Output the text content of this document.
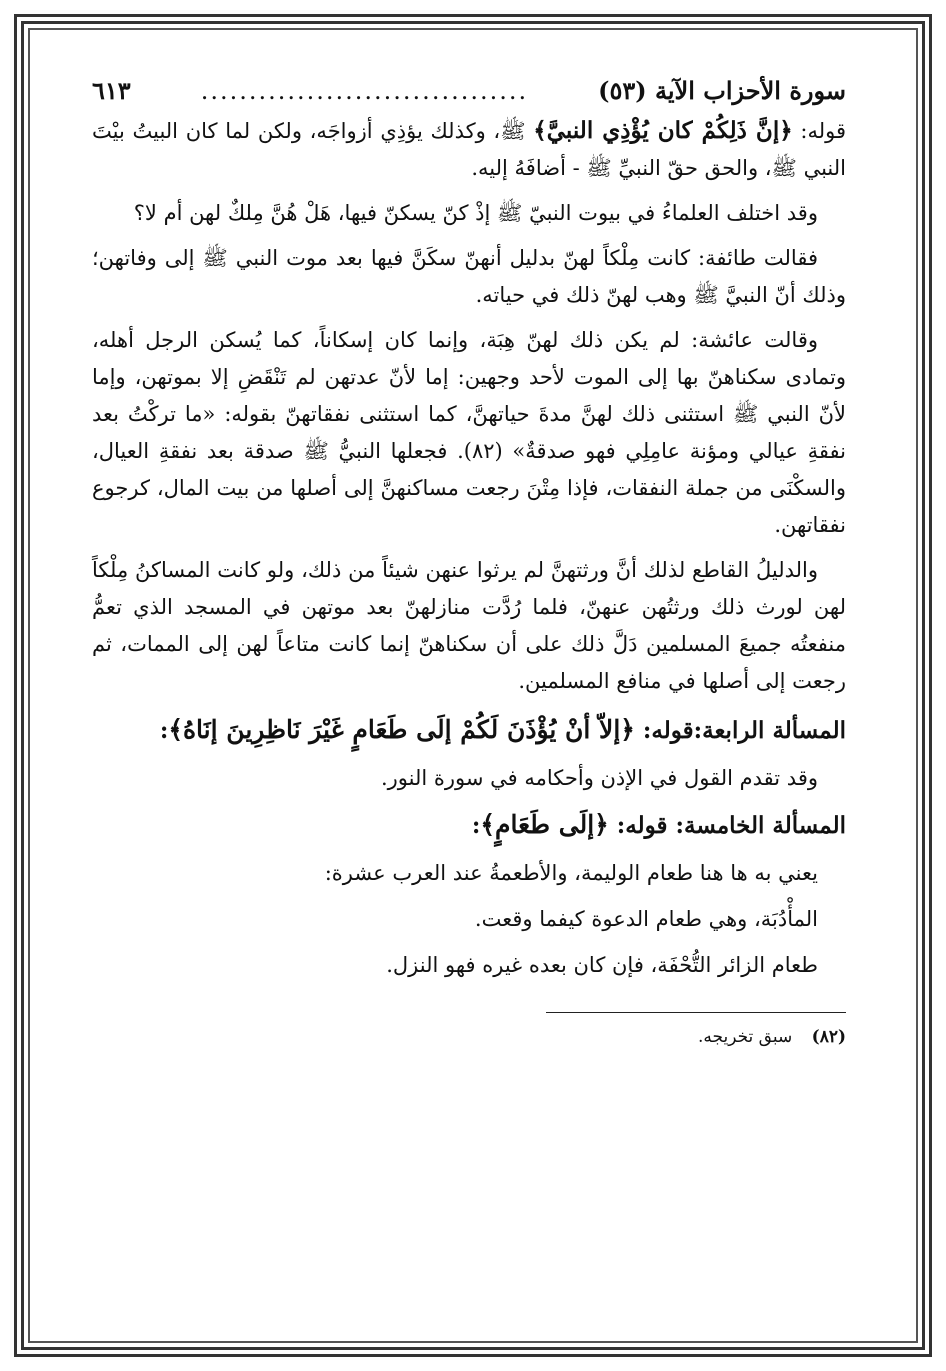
سورة الأحزاب الآية (٥٣)
..................................
٦١٣

قوله: ﴿إنَّ ذَلِكُمْ كان يُؤْذِي النبيَّ﴾ ﷺ، وكذلك يؤذِي أزواجَه، ولكن لما كان البيتُ بيْتَ النبي ﷺ، والحق حقّ النبيِّ ﷺ - أضافَهُ إليه.

وقد اختلف العلماءُ في بيوت النبيّ ﷺ إذْ كنّ يسكنّ فيها، هَلْ هُنَّ مِلكٌ لهن أم لا؟

فقالت طائفة: كانت مِلْكاً لهنّ بدليل أنهنّ سكَنَّ فيها بعد موت النبي ﷺ إلى وفاتهن؛ وذلك أنّ النبيَّ ﷺ وهب لهنّ ذلك في حياته.

وقالت عائشة: لم يكن ذلك لهنّ هِبَة، وإنما كان إسكاناً، كما يُسكن الرجل أهله، وتمادى سكناهنّ بها إلى الموت لأحد وجهين: إما لأنّ عدتهن لم تَنْقَضِ إلا بموتهن، وإما لأنّ النبي ﷺ استثنى ذلك لهنَّ مدةَ حياتهنَّ، كما استثنى نفقاتهنّ بقوله: «ما تركْتُ بعد نفقةِ عيالي ومؤنة عامِلِي فهو صدقةٌ» (٨٢). فجعلها النبيُّ ﷺ صدقة بعد نفقةِ العيال، والسكْنَى من جملة النفقات، فإذا مِتْنَ رجعت مساكنهنَّ إلى أصلها من بيت المال، كرجوع نفقاتهن.

والدليلُ القاطع لذلك أنَّ ورثتهنَّ لم يرثوا عنهن شيئاً من ذلك، ولو كانت المساكنُ مِلْكاً لهن لورث ذلك ورثتُهن عنهنّ، فلما رُدَّت منازلهنّ بعد موتهن في المسجد الذي تعمُّ منفعتُه جميعَ المسلمين دَلَّ ذلك على أن سكناهنّ إنما كانت متاعاً لهن إلى الممات، ثم رجعت إلى أصلها في منافع المسلمين.

المسألة الرابعة:قوله: ﴿إلاّ أنْ يُؤْذَنَ لَكُمْ إلَى طَعَامٍ غَيْرَ نَاظِرِينَ إنَاهُ﴾:

وقد تقدم القول في الإذن وأحكامه في سورة النور.

المسألة الخامسة: قوله: ﴿إلَى طَعَامٍ﴾:

يعني به ها هنا طعام الوليمة، والأطعمةُ عند العرب عشرة:

المأْدُبَة، وهي طعام الدعوة كيفما وقعت.

طعام الزائر التُّحْفَة، فإن كان بعده غيره فهو النزل.

(٨٢) سبق تخريجه.
